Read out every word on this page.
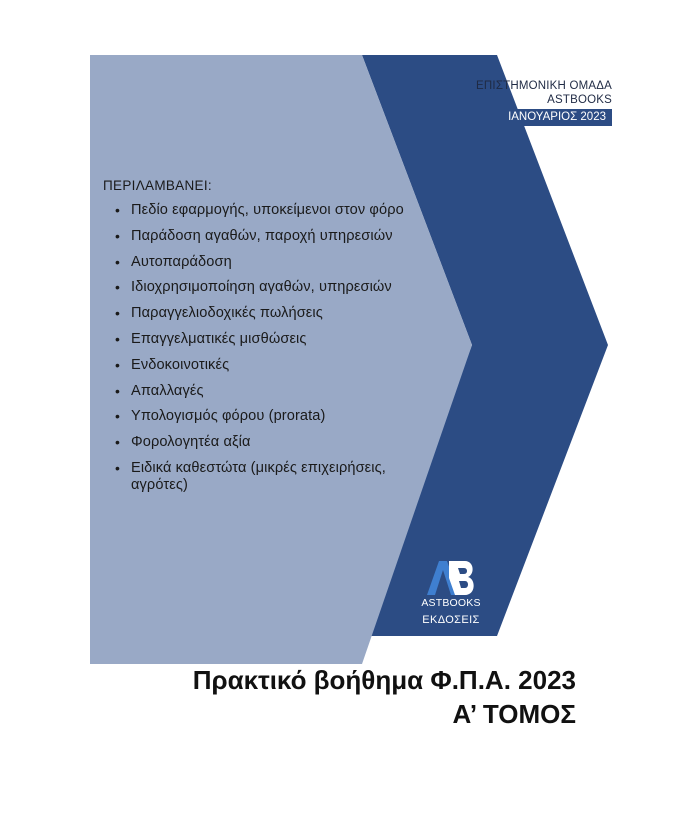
ΕΠΙΣΤΗΜΟΝΙΚΗ ΟΜΑΔΑ
ASTBOOKS
ΙΑΝΟΥΑΡΙΟΣ 2023
ΠΕΡΙΛΑΜΒΑΝΕΙ:
• Πεδίο εφαρμογής, υποκείμενοι στον φόρο
• Παράδοση αγαθών, παροχή υπηρεσιών
• Αυτοπαράδοση
• Ιδιοχρησιμοποίηση αγαθών, υπηρεσιών
• Παραγγελιοδοχικές πωλήσεις
• Επαγγελματικές μισθώσεις
• Ενδοκοινοτικές
• Απαλλαγές
• Υπολογισμός φόρου (prorata)
• Φορολογητέα αξία
• Ειδικά καθεστώτα (μικρές επιχειρήσεις, αγρότες)
ASTBOOKS
ΕΚΔΟΣΕΙΣ
Πρακτικό βοήθημα Φ.Π.Α. 2023
Α’ ΤΟΜΟΣ
